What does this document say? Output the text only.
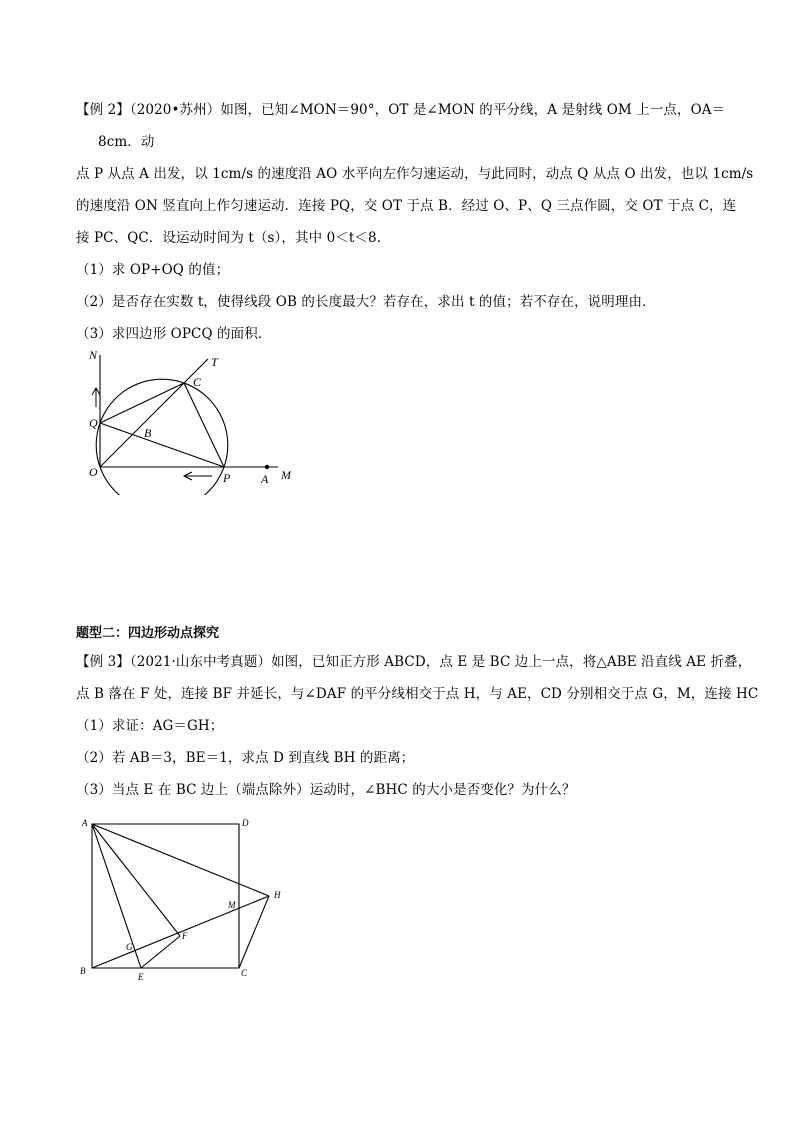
【例 2】（2020•苏州）如图，已知∠MON＝90°，OT 是∠MON 的平分线，A 是射线 OM 上一点，OA＝
8cm．动
点 P 从点 A 出发，以 1cm/s 的速度沿 AO 水平向左作匀速运动，与此同时，动点 Q 从点 O 出发，也以 1cm/s
的速度沿 ON 竖直向上作匀速运动．连接 PQ，交 OT 于点 B．经过 O、P、Q 三点作圆，交 OT 于点 C，连
接 PC、QC．设运动时间为 t（s），其中 0＜t＜8．
（1）求 OP+OQ 的值；
（2）是否存在实数 t，使得线段 OB 的长度最大？若存在，求出 t 的值；若不存在，说明理由．
（3）求四边形 OPCQ 的面积．
N	T
C
Q
B
O	P	A M
题型二：四边形动点探究
【例 3】（2021·山东中考真题）如图，已知正方形 ABCD，点 E 是 BC 边上一点，将△ABE 沿直线 AE 折叠，
点 B 落在 F 处，连接 BF 并延长，与∠DAF 的平分线相交于点 H，与 AE，CD 分别相交于点 G，M，连接 HC
（1）求证：AG＝GH；
（2）若 AB＝3，BE＝1，求点 D 到直线 BH 的距离；
（3）当点 E 在 BC 边上（端点除外）运动时，∠BHC 的大小是否变化？为什么？
A	D
H
M
F
G
B
E	C
